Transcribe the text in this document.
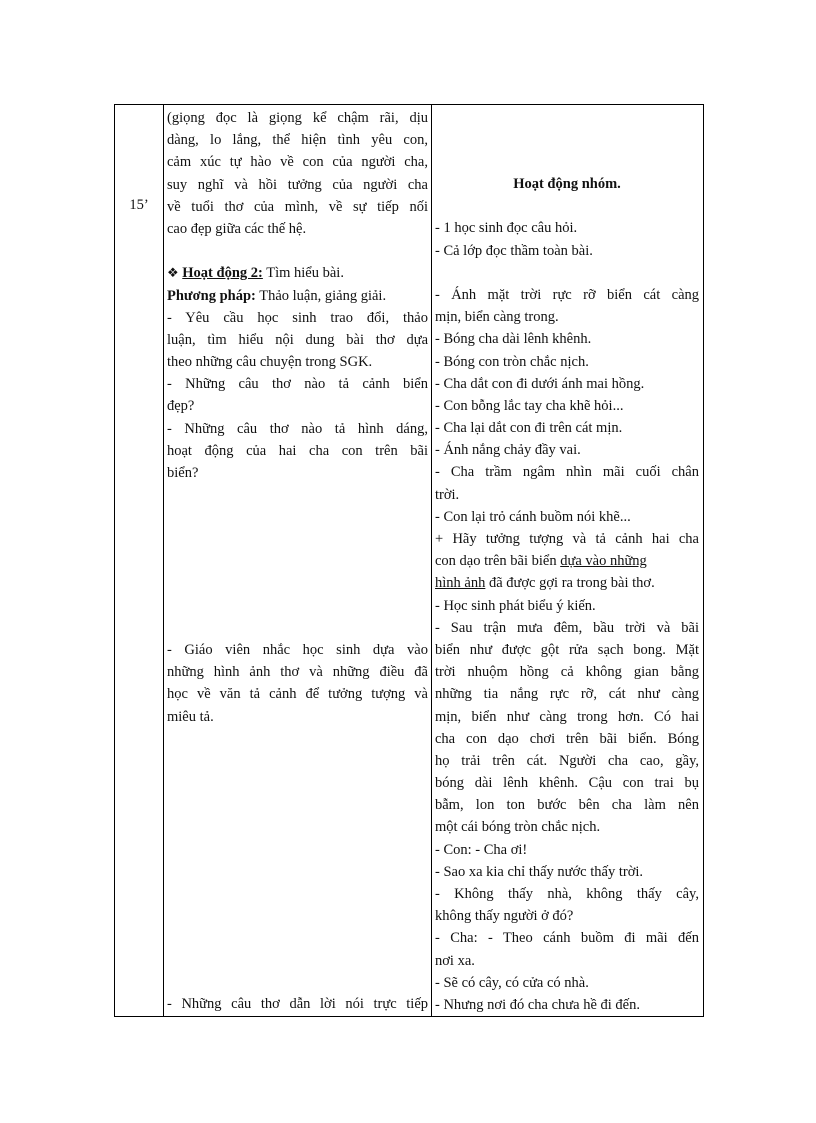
15’
(giọng đọc là giọng kể chậm rãi, dịu
dàng, lo lắng, thể hiện tình yêu con,
cảm xúc tự hào về con của người cha,
suy nghĩ và hồi tưởng của người cha
về tuổi thơ của mình, về sự tiếp nối
cao đẹp giữa các thế hệ.
❖ Hoạt động 2: Tìm hiểu bài.
Phương pháp: Thảo luận, giảng giải.
- Yêu cầu học sinh trao đổi, thảo
luận, tìm hiểu nội dung bài thơ dựa
theo những câu chuyện trong SGK.
- Những câu thơ nào tả cảnh biển
đẹp?
- Những câu thơ nào tả hình dáng,
hoạt động của hai cha con trên bãi
biển?
- Giáo viên nhắc học sinh dựa vào
những hình ảnh thơ và những điều đã
học về văn tả cảnh để tưởng tượng và
miêu tả.
- Những câu thơ dẫn lời nói trực tiếp
Hoạt động nhóm.
- 1 học sinh đọc câu hỏi.
- Cả lớp đọc thầm toàn bài.
- Ánh mặt trời rực rỡ biển cát càng
mịn, biển càng trong.
- Bóng cha dài lênh khênh.
- Bóng con tròn chắc nịch.
- Cha dắt con đi dưới ánh mai hồng.
- Con bỗng lắc tay cha khẽ hỏi...
- Cha lại dắt con đi trên cát mịn.
- Ánh nắng chảy đầy vai.
- Cha trầm ngâm nhìn mãi cuối chân
trời.
- Con lại trỏ cánh buồm nói khẽ...
+ Hãy tưởng tượng và tả cảnh hai cha
con dạo trên bãi biển dựa vào những
hình ảnh đã được gợi ra trong bài thơ.
- Học sinh phát biểu ý kiến.
- Sau trận mưa đêm, bầu trời và bãi
biển như được gột rửa sạch bong. Mặt
trời nhuộm hồng cả không gian bằng
những tia nắng rực rỡ, cát như càng
mịn, biển như càng trong hơn. Có hai
cha con dạo chơi trên bãi biển. Bóng
họ trải trên cát. Người cha cao, gầy,
bóng dài lênh khênh. Cậu con trai bụ
bẫm, lon ton bước bên cha làm nên
một cái bóng tròn chắc nịch.
- Con: - Cha ơi!
- Sao xa kia chỉ thấy nước thấy trời.
- Không thấy nhà, không thấy cây,
không thấy người ở đó?
- Cha: - Theo cánh buồm đi mãi đến
nơi xa.
- Sẽ có cây, có cửa có nhà.
- Nhưng nơi đó cha chưa hề đi đến.
